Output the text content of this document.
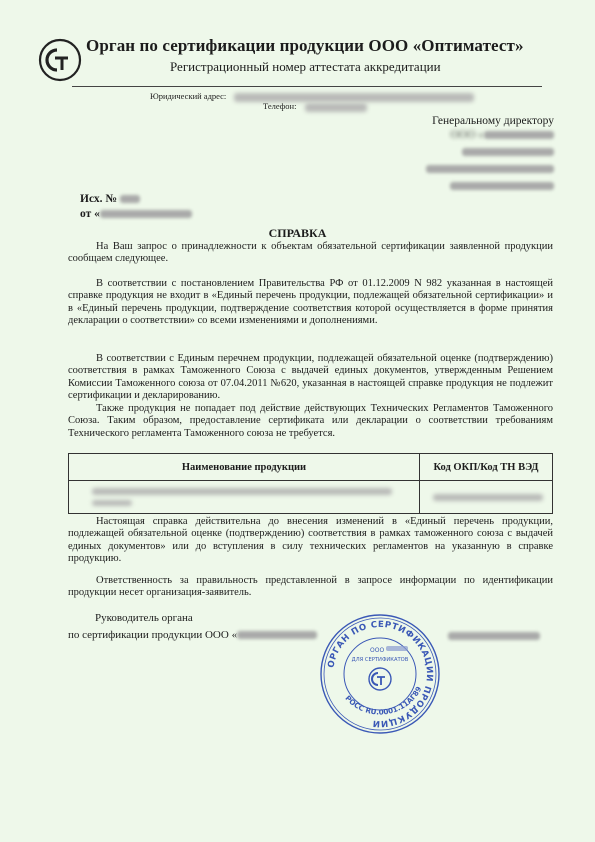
Орган по сертификации продукции ООО «Оптиматест»
Регистрационный номер аттестата аккредитации
Юридический адрес:
Телефон:
Генеральному директору
ООО «
Исх. №
от «
СПРАВКА

На Ваш запрос о принадлежности к объектам обязательной сертификации заявленной продукции сообщаем следующее.

В соответствии с постановлением Правительства РФ от 01.12.2009 N 982 указанная в настоящей справке продукция не входит в «Единый перечень продукции, подлежащей обязательной сертификации» и в «Единый перечень продукции, подтверждение соответствия которой осуществляется в форме принятия декларации о соответствии» со всеми изменениями и дополнениями.

В соответствии с Единым перечнем продукции, подлежащей обязательной оценке (подтверждению) соответствия в рамках Таможенного Союза с выдачей единых документов, утвержденным Решением Комиссии Таможенного союза от 07.04.2011 №620, указанная в настоящей справке продукция не подлежит сертификации и декларированию.

Также продукция не попадает под действие действующих Технических Регламентов Таможенного Союза. Таким образом, предоставление сертификата или декларации о соответствии требованиям Технического регламента Таможенного союза не требуется.

Наименование продукции	Код ОКП/Код ТН ВЭД

Настоящая справка действительна до внесения изменений в «Единый перечень продукции, подлежащей обязательной оценке (подтверждению) соответствия в рамках таможенного союза с выдачей единых документов» или до вступления в силу технических регламентов на указанную в справке продукцию.

Ответственность за правильность представленной в запросе информации по идентификации продукции несет организация-заявитель.

Руководитель органа
по сертификации продукции ООО «
ОРГАН ПО СЕРТИФИКАЦИИ ПРОДУКЦИИ
РОСС RU.0001.11АГ89
ООО
ДЛЯ СЕРТИФИКАТОВ
